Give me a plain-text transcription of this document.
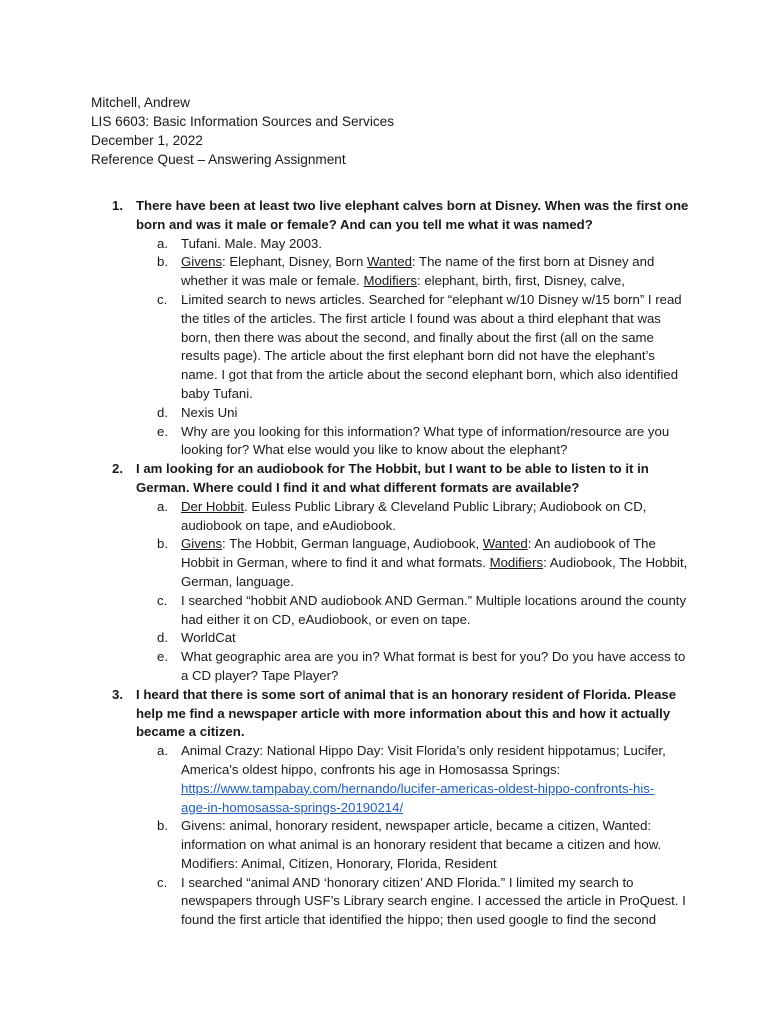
Mitchell, Andrew
LIS 6603: Basic Information Sources and Services
December 1, 2022
Reference Quest – Answering Assignment
1. There have been at least two live elephant calves born at Disney. When was the first one born and was it male or female? And can you tell me what it was named?
a. Tufani. Male. May 2003.
b. Givens: Elephant, Disney, Born Wanted: The name of the first born at Disney and whether it was male or female. Modifiers: elephant, birth, first, Disney, calve,
c.	Limited search to news articles. Searched for “elephant w/10 Disney w/15 born” I read the titles of the articles. The first article I found was about a third elephant that was born, then there was about the second, and finally about the first (all on the same results page). The article about the first elephant born did not have the elephant’s name. I got that from the article about the second elephant born, which also identified baby Tufani.
d. Nexis Uni
e. Why are you looking for this information? What type of information/resource are you looking for? What else would you like to know about the elephant?
2. I am looking for an audiobook for The Hobbit, but I want to be able to listen to it in German. Where could I find it and what different formats are available?
a. Der Hobbit. Euless Public Library & Cleveland Public Library; Audiobook on CD, audiobook on tape, and eAudiobook.
b. Givens: The Hobbit, German language, Audiobook, Wanted: An audiobook of The Hobbit in German, where to find it and what formats. Modifiers: Audiobook, The Hobbit, German, language.
c.	I searched “hobbit AND audiobook AND German.” Multiple locations around the county had either it on CD, eAudiobook, or even on tape.
d. WorldCat
e. What geographic area are you in? What format is best for you? Do you have access to a CD player? Tape Player?
3. I heard that there is some sort of animal that is an honorary resident of Florida. Please help me find a newspaper article with more information about this and how it actually became a citizen.
a. Animal Crazy: National Hippo Day: Visit Florida’s only resident hippotamus; Lucifer, America's oldest hippo, confronts his age in Homosassa Springs:
https://www.tampabay.com/hernando/lucifer-americas-oldest-hippo-confronts-his-
age-in-homosassa-springs-20190214/
b. Givens: animal, honorary resident, newspaper article, became a citizen, Wanted: information on what animal is an honorary resident that became a citizen and how. Modifiers: Animal, Citizen, Honorary, Florida, Resident
c.	I searched “animal AND ‘honorary citizen’ AND Florida.” I limited my search to newspapers through USF’s Library search engine. I accessed the article in ProQuest. I found the first article that identified the hippo; then used google to find the second
